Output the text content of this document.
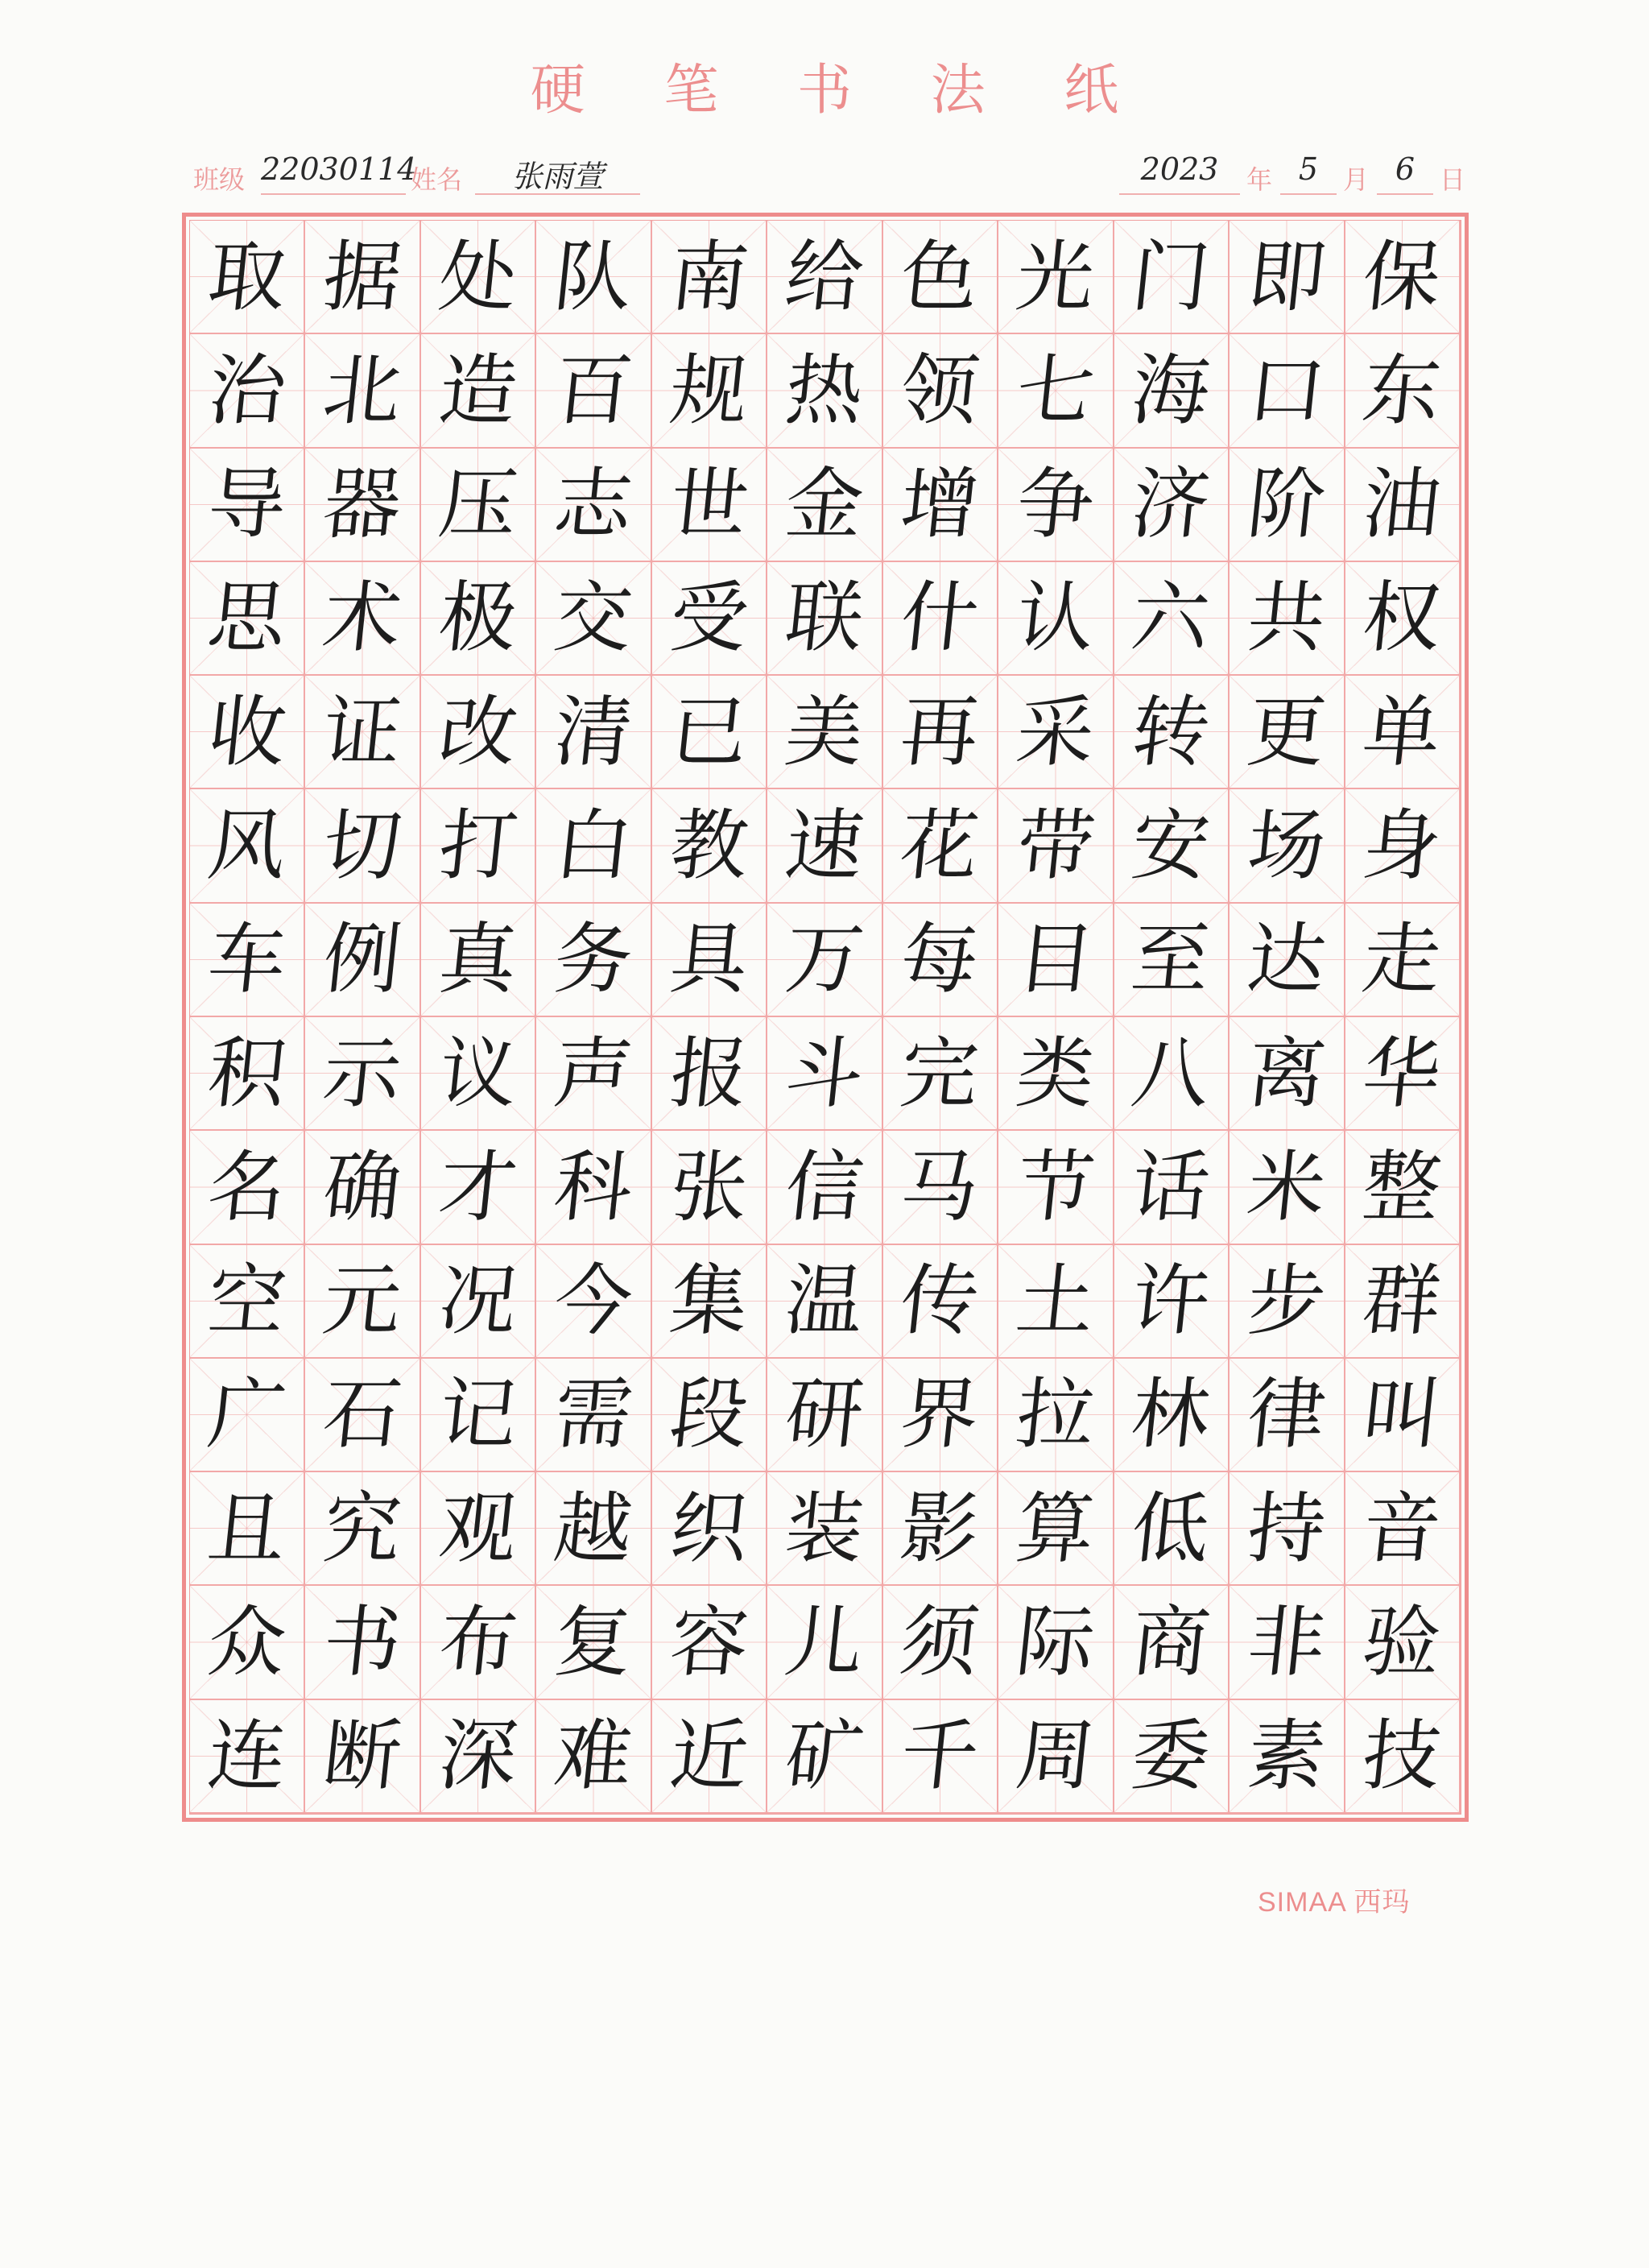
硬 笔 书 法 纸
班级 22030114
姓名	张雨萱	2023	年 5 月 6 日
取 据 处 队 南 给 色 光 门 即 保
治 北 造 百 规 热 领 七 海 口 东
导 器 压 志 世 金 增 争 济 阶 油
思 术 极 交 受 联 什 认 六 共 权
收 证 改 清 已 美 再 采 转 更 单
风 切 打 白 教 速 花 带 安 场 身
车 例 真 务 具 万 每 目 至 达 走
积 示 议 声 报 斗 完 类 八 离 华
名 确 才 科 张 信 马 节 话 米 整
空 元 况 今 集 温 传 土 许 步 群
广 石 记 需 段 研 界 拉 林 律 叫
且 究 观 越 织 装 影 算 低 持 音
众 书 布 复 容 儿 须 际 商 非 验
连 断 深 难 近 矿 千 周 委 素 技
SIMAA 西玛
